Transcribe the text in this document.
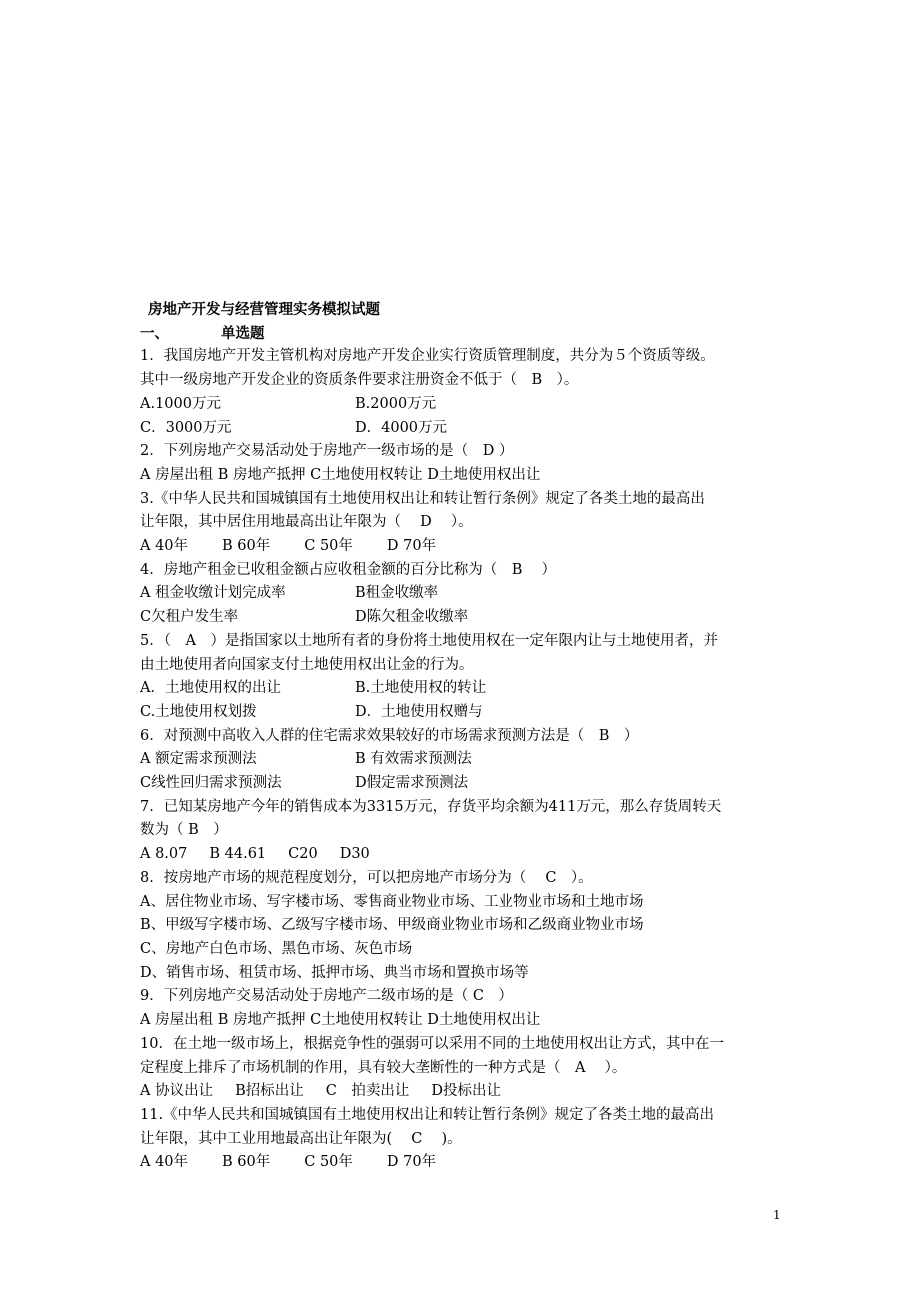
房地产开发与经营管理实务模拟试题
一、	单选题
1．我国房地产开发主管机构对房地产开发企业实行资质管理制度，共分为５个资质等级。
其中一级房地产开发企业的资质条件要求注册资金不低于（　B　）。
A.1000万元	B.2000万元
C．3000万元	D．4000万元
2．下列房地产交易活动处于房地产一级市场的是（　D ）
A 房屋出租 B 房地产抵押 C土地使用权转让 D土地使用权出让
3.《中华人民共和国城镇国有土地使用权出让和转让暂行条例》规定了各类土地的最高出
让年限，其中居住用地最高出让年限为（　 D　 ）。
A 40年 B 60年 C 50年 D 70年
4．房地产租金已收租金额占应收租金额的百分比称为（　B　 ）
A 租金收缴计划完成率	B租金收缴率
C欠租户发生率	D陈欠租金收缴率
5．（　A　）是指国家以土地所有者的身份将土地使用权在一定年限内让与土地使用者，并
由土地使用者向国家支付土地使用权出让金的行为。
A．土地使用权的出让	B.土地使用权的转让
C.土地使用权划拨	D．土地使用权赠与
6．对预测中高收入人群的住宅需求效果较好的市场需求预测方法是（　B　）
A 额定需求预测法	B 有效需求预测法
C线性回归需求预测法	D假定需求预测法
7．已知某房地产今年的销售成本为3315万元，存货平均余额为411万元，那么存货周转天
数为（ B　）
A 8.07 B 44.61 C20 D30
8．按房地产市场的规范程度划分，可以把房地产市场分为（　 C　）。
A、居住物业市场、写字楼市场、零售商业物业市场、工业物业市场和土地市场
B、甲级写字楼市场、乙级写字楼市场、甲级商业物业市场和乙级商业物业市场
C、房地产白色市场、黑色市场、灰色市场
D、销售市场、租赁市场、抵押市场、典当市场和置换市场等
9．下列房地产交易活动处于房地产二级市场的是（ C　）
A 房屋出租 B 房地产抵押 C土地使用权转让 D土地使用权出让
10．在土地一级市场上，根据竞争性的强弱可以采用不同的土地使用权出让方式，其中在一
定程度上排斥了市场机制的作用，具有较大垄断性的一种方式是（　A　 ）。
A 协议出让 B招标出让 C　拍卖出让 D投标出让
11.《中华人民共和国城镇国有土地使用权出让和转让暂行条例》规定了各类土地的最高出
让年限，其中工业用地最高出让年限为(　 C　 )。
A 40年 B 60年 C 50年 D 70年
1
